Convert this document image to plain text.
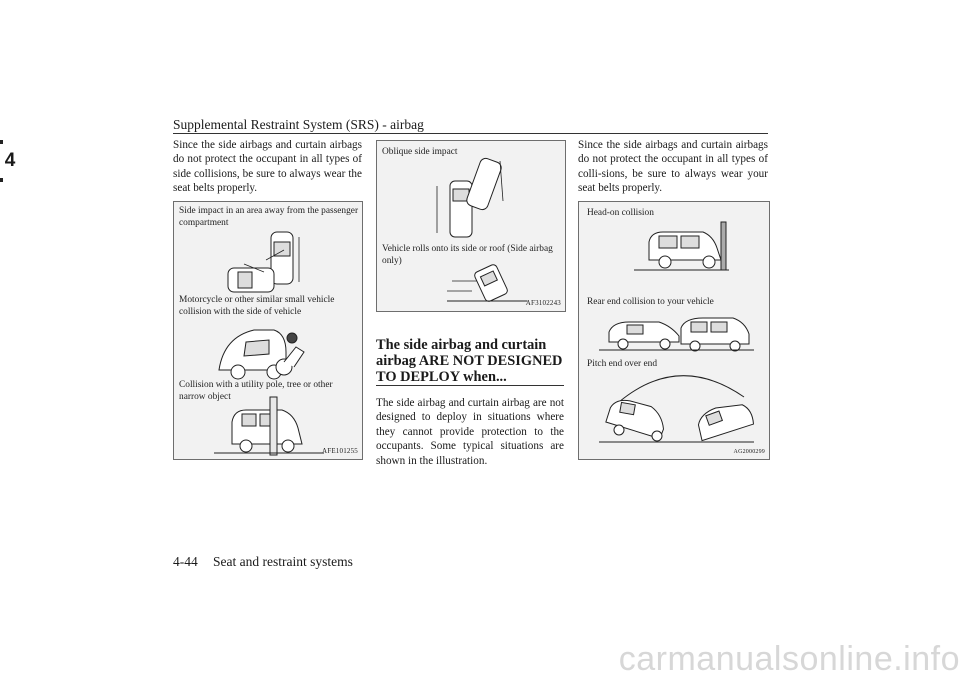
Supplemental Restraint System (SRS) - airbag
4
Since the side airbags and curtain airbags do not protect the occupant in all types of side collisions, be sure to always wear the seat belts properly.
Side impact in an area away from the passenger compartment
Motorcycle or other similar small vehicle collision with the side of vehicle
Collision with a utility pole, tree or other narrow object
AFE101255
Oblique side impact
Vehicle rolls onto its side or roof (Side airbag only)
AF3102243
The side airbag and curtain airbag ARE NOT DESIGNED TO DEPLOY when...
The side airbag and curtain airbag are not designed to deploy in situations where they cannot provide protection to the occupants. Some typical situations are shown in the illustration.
Since the side airbags and curtain airbags do not protect the occupant in all types of colli-sions, be sure to always wear your seat belts properly.
Head-on collision
Rear end collision to your vehicle
Pitch end over end
AG2000299
4-44 Seat and restraint systems
carmanualsonline.info
